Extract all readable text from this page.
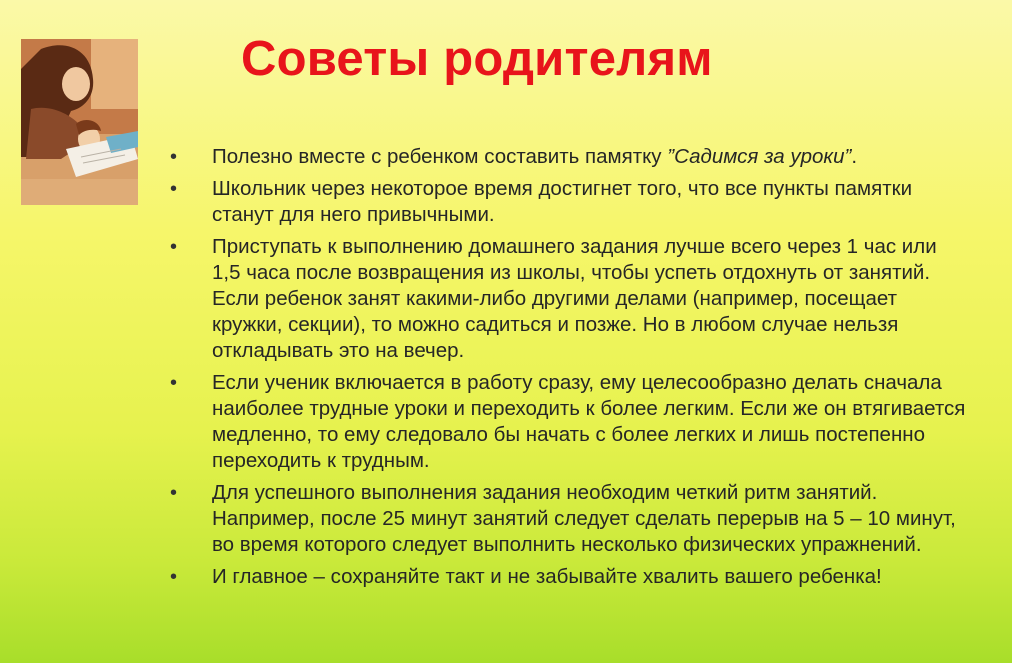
Советы родителям
• Полезно вместе с ребенком составить памятку ”Садимся за уроки”.
• Школьник через некоторое время достигнет того, что все пункты памятки станут для него привычными.
• Приступать к выполнению домашнего задания лучше всего через 1 час или 1,5 часа после возвращения из школы, чтобы успеть отдохнуть от занятий. Если ребенок занят какими-либо другими делами (например, посещает кружки, секции), то можно садиться и позже. Но в любом случае нельзя откладывать это на вечер.
• Если ученик включается в работу сразу, ему целесообразно делать сначала наиболее трудные уроки и переходить к более легким. Если же он втягивается медленно, то ему следовало бы начать с более легких и лишь постепенно переходить к трудным.
• Для успешного выполнения задания необходим четкий ритм занятий. Например, после 25 минут занятий следует сделать перерыв на 5 – 10 минут, во время которого следует выполнить несколько физических упражнений.
• И главное – сохраняйте такт и не забывайте хвалить вашего ребенка!
